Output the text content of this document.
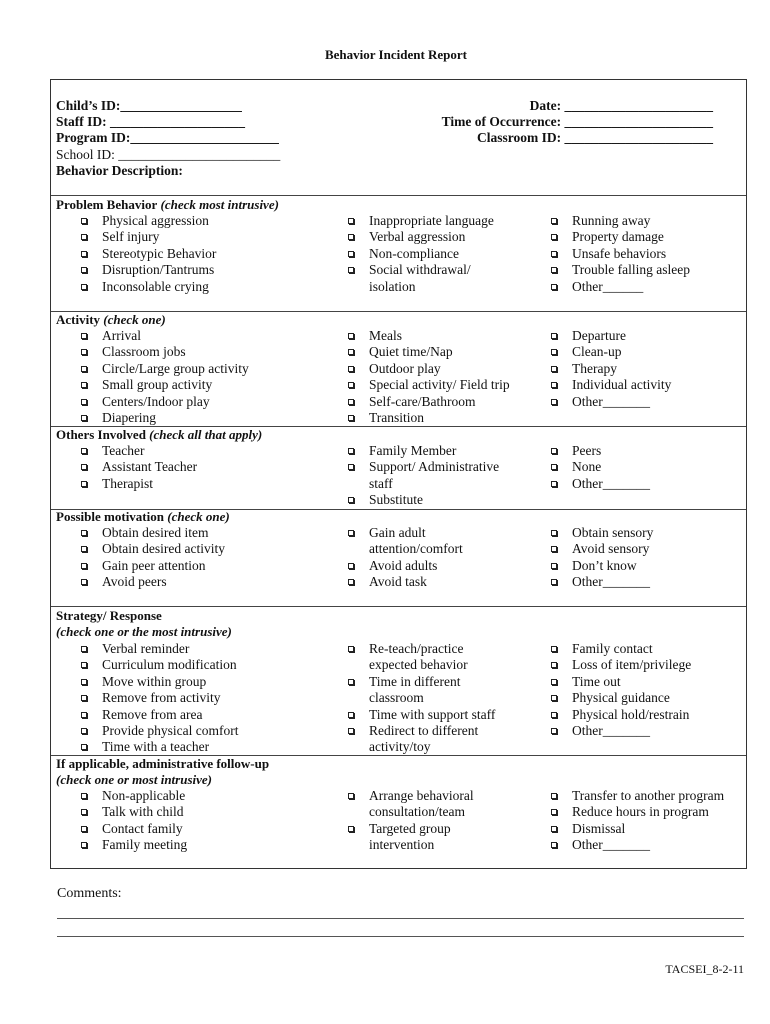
Behavior Incident Report
Child’s ID:__________________
Staff ID: ____________________
Program ID:______________________
School ID: ________________________
Behavior Description:
Date: ______________________
Time of Occurrence: ______________________
Classroom ID: ______________________
Problem Behavior (check most intrusive)
Physical aggression
Self injury
Stereotypic Behavior
Disruption/Tantrums
Inconsolable crying
Inappropriate language
Verbal aggression
Non-compliance
Social withdrawal/
isolation
Running away
Property damage
Unsafe behaviors
Trouble falling asleep
Other______
Activity (check one)
Arrival
Classroom jobs
Circle/Large group activity
Small group activity
Centers/Indoor play
Diapering
Meals
Quiet time/Nap
Outdoor play
Special activity/ Field trip
Self-care/Bathroom
Transition
Departure
Clean-up
Therapy
Individual activity
Other_______
Others Involved (check all that apply)
Teacher
Assistant Teacher
Therapist
Family Member
Support/ Administrative
staff
Substitute
Peers
None
Other_______
Possible motivation (check one)
Obtain desired item
Obtain desired activity
Gain peer attention
Avoid peers
Gain adult
attention/comfort
Avoid adults
Avoid task
Obtain sensory
Avoid sensory
Don’t know
Other_______
Strategy/ Response
(check one or the most intrusive)
Verbal reminder
Curriculum modification
Move within group
Remove from activity
Remove from area
Provide physical comfort
Time with a teacher
Re-teach/practice
expected behavior
Time in different
classroom
Time with support staff
Redirect to different
activity/toy
Family contact
Loss of item/privilege
Time out
Physical guidance
Physical hold/restrain
Other_______
If applicable, administrative follow-up
(check one or most intrusive)
Non-applicable
Talk with child
Contact family
Family meeting
Arrange behavioral
consultation/team
Targeted group
intervention
Transfer to another program
Reduce hours in program
Dismissal
Other_______
Comments:
TACSEI_8-2-11
